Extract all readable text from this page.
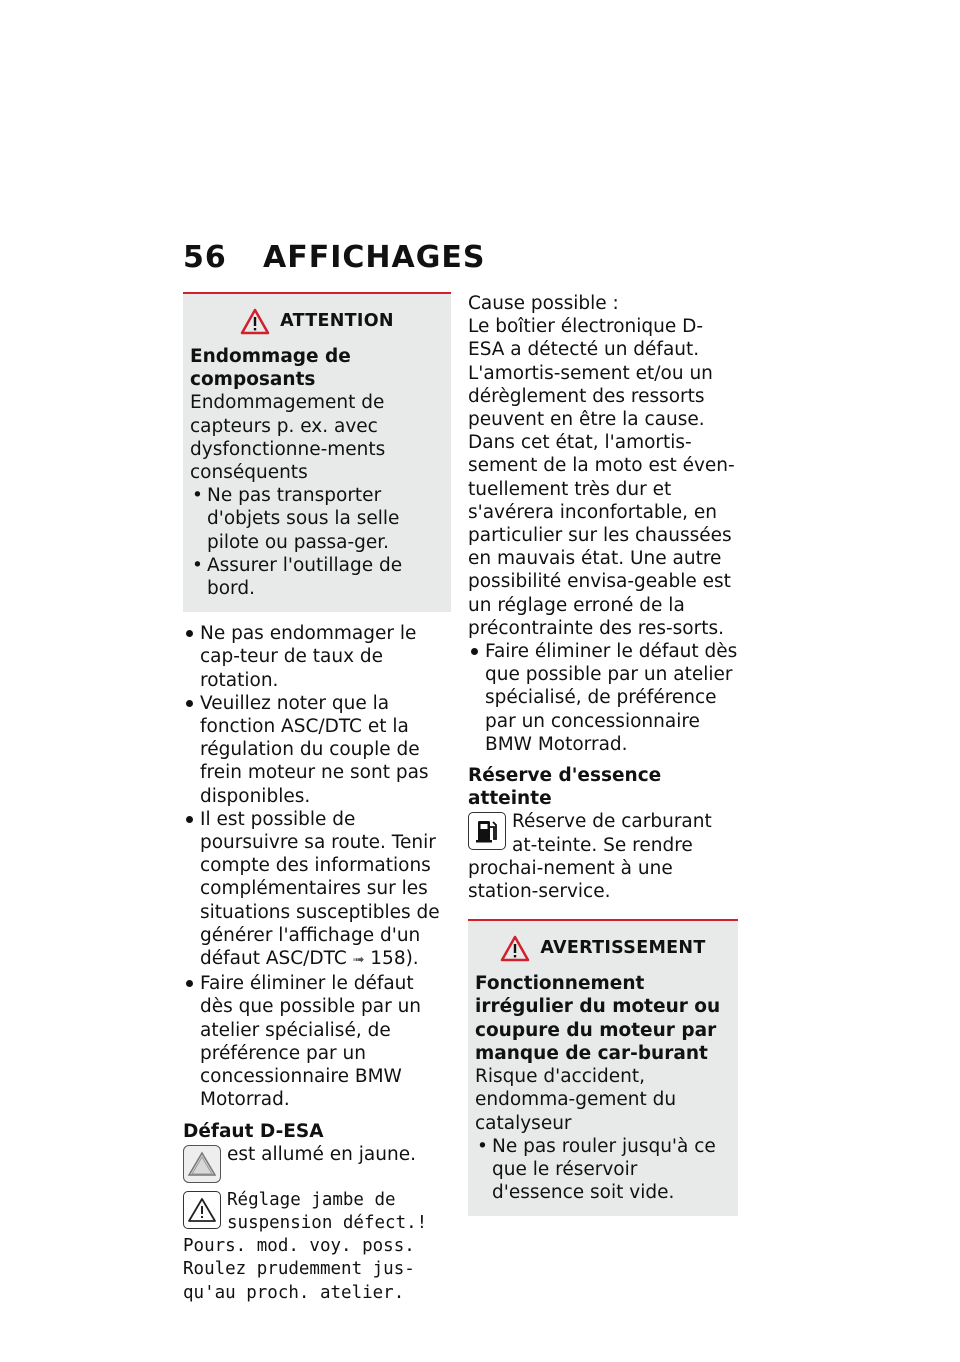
56 AFFICHAGES
ATTENTION
Endommage de composants
Endommagement de capteurs p. ex. avec dysfonctionne-ments conséquents
• Ne pas transporter d'objets sous la selle pilote ou passa-ger.
• Assurer l'outillage de bord.
Ne pas endommager le cap-teur de taux de rotation.
Veuillez noter que la fonction ASC/DTC et la régulation du couple de frein moteur ne sont pas disponibles.
Il est possible de poursuivre sa route. Tenir compte des informations complémentaires sur les situations susceptibles de générer l'affichage d'un défaut ASC/DTC ➟ 158).
Faire éliminer le défaut dès que possible par un atelier spécialisé, de préférence par un concessionnaire BMW Motorrad.
Défaut D-ESA
est allumé en jaune.
Réglage jambe de
suspension défect.!
Pours. mod. voy. poss. Roulez prudemment jus-qu'au proch. atelier.
Cause possible :
Le boîtier électronique D-ESA a détecté un défaut. L'amortis-sement et/ou un dérèglement des ressorts peuvent en être la cause. Dans cet état, l'amortis-sement de la moto est éven-tuellement très dur et s'avérera inconfortable, en particulier sur les chaussées en mauvais état. Une autre possibilité envisa-geable est un réglage erroné de la précontrainte des res-sorts.
Faire éliminer le défaut dès que possible par un atelier spécialisé, de préférence par un concessionnaire BMW Motorrad.
Réserve d'essence atteinte
Réserve de carburant at-teinte. Se rendre prochai-nement à une station-service.
AVERTISSEMENT
Fonctionnement irrégulier du moteur ou coupure du moteur par manque de car-burant
Risque d'accident, endomma-gement du catalyseur
• Ne pas rouler jusqu'à ce que le réservoir d'essence soit vide.
